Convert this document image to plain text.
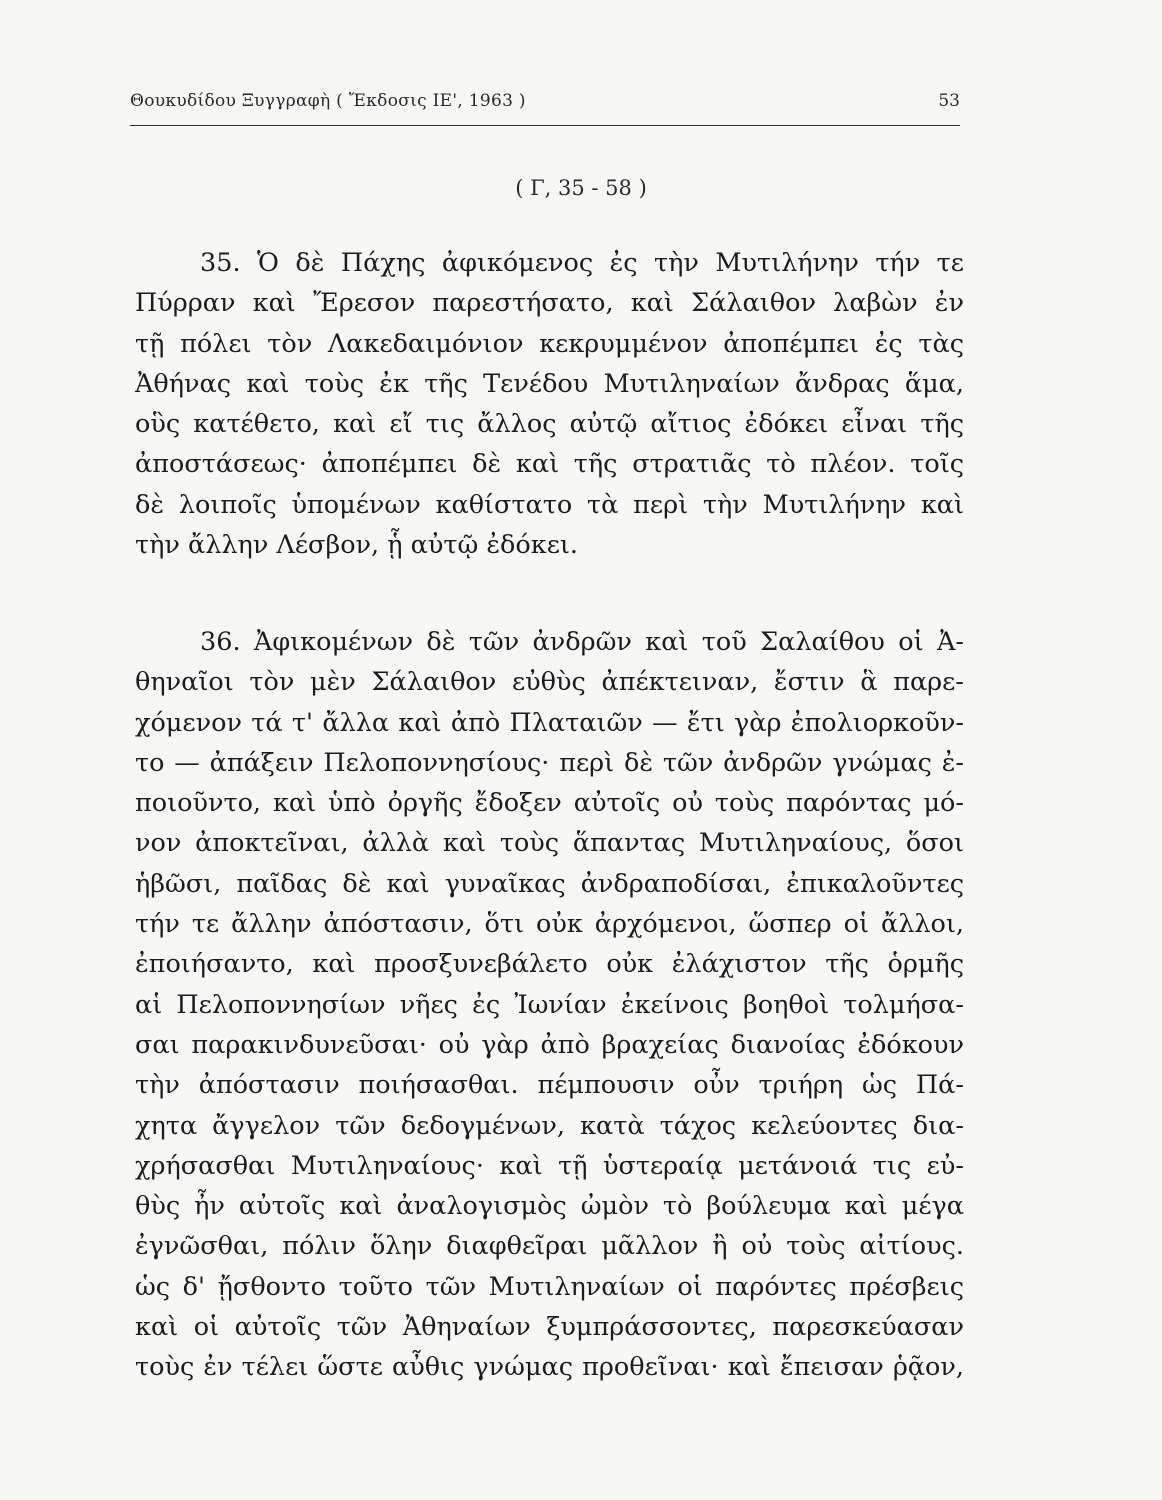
Θουκυδίδου Ξυγγραφὴ ( Ἔκδοσις ΙΕ', 1963 )	53
( Γ, 35 - 58 )
35. Ὁ δὲ Πάχης ἀφικόμενος ἐς τὴν Μυτιλήνην τήν τε
Πύρραν καὶ Ἔρεσον παρεστήσατο, καὶ Σάλαιθον λαβὼν ἐν
τῇ πόλει τὸν Λακεδαιμόνιον κεκρυμμένον ἀποπέμπει ἐς τὰς
Ἀθήνας καὶ τοὺς ἐκ τῆς Τενέδου Μυτιληναίων ἄνδρας ἅμα,
οὓς κατέθετο, καὶ εἴ τις ἄλλος αὐτῷ αἴτιος ἐδόκει εἶναι τῆς
ἀποστάσεως· ἀποπέμπει δὲ καὶ τῆς στρατιᾶς τὸ πλέον. τοῖς
δὲ λοιποῖς ὑπομένων καθίστατο τὰ περὶ τὴν Μυτιλήνην καὶ
τὴν ἄλλην Λέσβον, ᾗ αὐτῷ ἐδόκει.
36. Ἀφικομένων δὲ τῶν ἀνδρῶν καὶ τοῦ Σαλαίθου οἱ Ἀ-
θηναῖοι τὸν μὲν Σάλαιθον εὐθὺς ἀπέκτειναν, ἔστιν ἃ παρε-
χόμενον τά τ' ἄλλα καὶ ἀπὸ Πλαταιῶν — ἔτι γὰρ ἐπολιορκοῦν-
το — ἀπάξειν Πελοποννησίους· περὶ δὲ τῶν ἀνδρῶν γνώμας ἐ-
ποιοῦντο, καὶ ὑπὸ ὀργῆς ἔδοξεν αὐτοῖς οὐ τοὺς παρόντας μό-
νον ἀποκτεῖναι, ἀλλὰ καὶ τοὺς ἅπαντας Μυτιληναίους, ὅσοι
ἡβῶσι, παῖδας δὲ καὶ γυναῖκας ἀνδραποδίσαι, ἐπικαλοῦντες
τήν τε ἄλλην ἀπόστασιν, ὅτι οὐκ ἀρχόμενοι, ὥσπερ οἱ ἄλλοι,
ἐποιήσαντο, καὶ προσξυνεβάλετο οὐκ ἐλάχιστον τῆς ὁρμῆς
αἱ Πελοποννησίων νῆες ἐς Ἰωνίαν ἐκείνοις βοηθοὶ τολμήσα-
σαι παρακινδυνεῦσαι· οὐ γὰρ ἀπὸ βραχείας διανοίας ἐδόκουν
τὴν ἀπόστασιν ποιήσασθαι. πέμπουσιν οὖν τριήρη ὡς Πά-
χητα ἄγγελον τῶν δεδογμένων, κατὰ τάχος κελεύοντες δια-
χρήσασθαι Μυτιληναίους· καὶ τῇ ὑστεραίᾳ μετάνοιά τις εὐ-
θὺς ἦν αὐτοῖς καὶ ἀναλογισμὸς ὠμὸν τὸ βούλευμα καὶ μέγα
ἐγνῶσθαι, πόλιν ὅλην διαφθεῖραι μᾶλλον ἢ οὐ τοὺς αἰτίους.
ὡς δ' ᾔσθοντο τοῦτο τῶν Μυτιληναίων οἱ παρόντες πρέσβεις
καὶ οἱ αὐτοῖς τῶν Ἀθηναίων ξυμπράσσοντες, παρεσκεύασαν
τοὺς ἐν τέλει ὥστε αὖθις γνώμας προθεῖναι· καὶ ἔπεισαν ῥᾷον,
